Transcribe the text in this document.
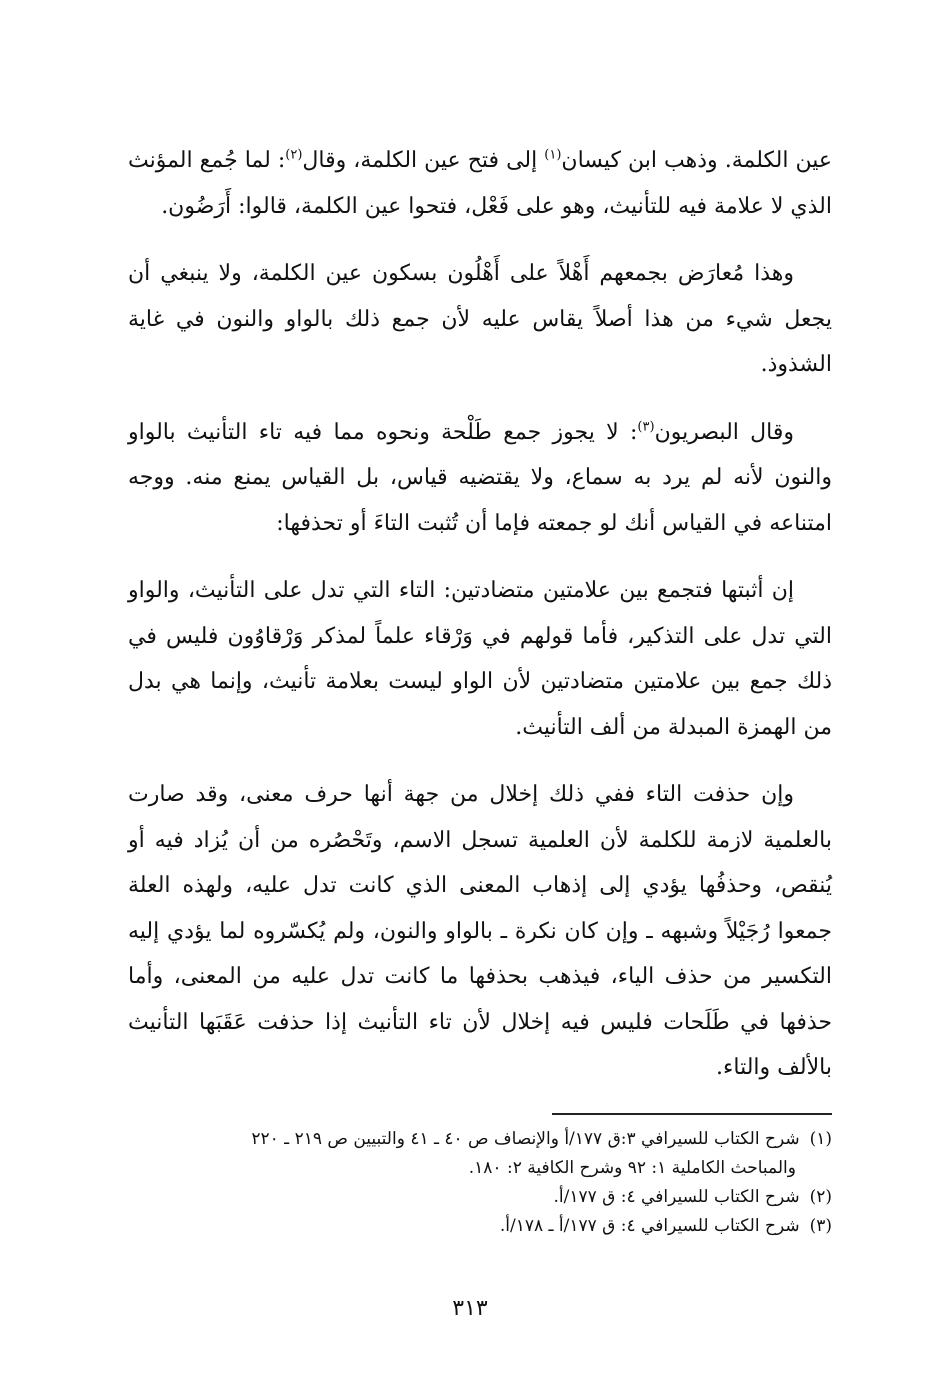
عين الكلمة. وذهب ابن كيسان$^{(١)}$ إلى فتح عين الكلمة، وقال$^{(٢)}$: لما جُمع المؤنث الذي لا علامة فيه للتأنيث، وهو على فَعْل، فتحوا عين الكلمة، قالوا: أَرَضُون.

وهذا مُعارَض بجمعهم أَهْلاً على أَهْلُون بسكون عين الكلمة، ولا ينبغي أن يجعل شيء من هذا أصلاً يقاس عليه لأن جمع ذلك بالواو والنون في غاية الشذوذ.

وقال البصريون$^{(٣)}$: لا يجوز جمع طَلْحة ونحوه مما فيه تاء التأنيث بالواو والنون لأنه لم يرد به سماع، ولا يقتضيه قياس، بل القياس يمنع منه. ووجه امتناعه في القياس أنك لو جمعته فإما أن تُثبت التاءَ أو تحذفها:

إن أثبتها فتجمع بين علامتين متضادتين: التاء التي تدل على التأنيث، والواو التي تدل على التذكير، فأما قولهم في وَرْقاء علماً لمذكر وَرْقاوُون فليس في ذلك جمع بين علامتين متضادتين لأن الواو ليست بعلامة تأنيث، وإنما هي بدل من الهمزة المبدلة من ألف التأنيث.

وإن حذفت التاء ففي ذلك إخلال من جهة أنها حرف معنى، وقد صارت بالعلمية لازمة للكلمة لأن العلمية تسجل الاسم، وتَحْصُره من أن يُزاد فيه أو يُنقص، وحذفُها يؤدي إلى إذهاب المعنى الذي كانت تدل عليه، ولهذه العلة جمعوا رُجَيْلاً وشبهه ـ وإن كان نكرة ـ بالواو والنون، ولم يُكسّروه لما يؤدي إليه التكسير من حذف الياء، فيذهب بحذفها ما كانت تدل عليه من المعنى، وأما حذفها في طَلَحات فليس فيه إخلال لأن تاء التأنيث إذا حذفت عَقَبَها التأنيث بالألف والتاء.

(١)شرح الكتاب للسيرافي ٣:ق ١٧٧/أ والإنصاف ص ٤٠ ـ ٤١ والتبيين ص ٢١٩ ـ ٢٢٠

والمباحث الكاملية ١: ٩٢ وشرح الكافية ٢: ١٨٠.

(٢)شرح الكتاب للسيرافي ٤: ق ١٧٧/أ.

(٣)شرح الكتاب للسيرافي ٤: ق ١٧٧/أ ـ ١٧٨/أ.

٣١٣
